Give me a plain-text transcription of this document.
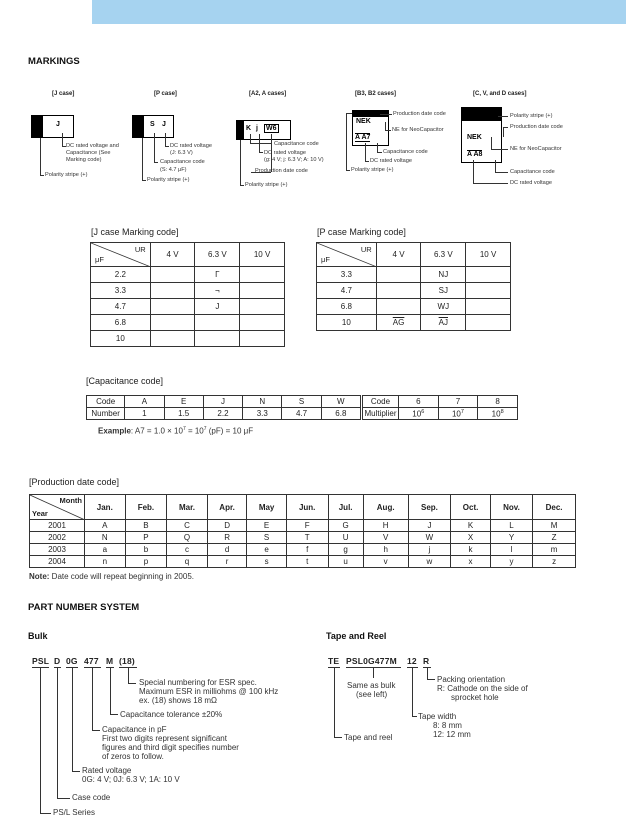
MARKINGS
[J case]	[P case]	[A2, A cases]	[B3, B2 cases]	[C, V, and D cases]
J
DC rated voltage and
Capacitance (See
Marking code)
Polarity stripe (+)
S J
DC rated voltage
(J: 6.3 V)
Capacitance code
(S: 4.7 μF)
Polarity stripe (+)
K j W6
Capacitance code
DC rated voltage
(g: 4 V; j: 6.3 V; A: 10 V)
Production date code
Polarity stripe (+)
NEK
A A7
Production date code
NE for NeoCapacitor
Capacitance code
DC rated voltage
Polarity stripe (+)
NEK
A A8
Polarity stripe (+)
Production date code
NE for NeoCapacitor
Capacitance code
DC rated voltage
[J case Marking code]
UR
μF	4 V	6.3 V	10 V
2.2		Γ	
3.3		¬	
4.7		J	
6.8			
10			
[P case Marking code]
UR
μF	4 V	6.3 V	10 V
3.3		NJ	
4.7		SJ	
6.8		WJ	
10	$\overline{AG}$	$\overline{AJ}$	
[Capacitance code]
Code	A	E	J	N	S	W
Number	1	1.5	2.2	3.3	4.7	6.8
Code	6	7	8
Multiplier	$10^6$	$10^7$	$10^8$
Example: $A7 = 1.0 \times 10^7 = 10^7$ (pF) = 10 μF
[Production date code]
Month
Year	Jan.	Feb.	Mar.	Apr.	May	Jun.	Jul.	Aug.	Sep.	Oct.	Nov.	Dec.
2001	A	B	C	D	E	F	G	H	J	K	L	M
2002	N	P	Q	R	S	T	U	V	W	X	Y	Z
2003	a	b	c	d	e	f	g	h	j	k	l	m
2004	n	p	q	r	s	t	u	v	w	x	y	z
Note: Date code will repeat beginning in 2005.
PART NUMBER SYSTEM
Bulk	Tape and Reel
PSL D 0G 477 M (18)
Special numbering for ESR spec.
Maximum ESR in milliohms @ 100 kHz
ex. (18) shows 18 mΩ
Capacitance tolerance ±20%
Capacitance in pF
First two digits represent significant
figures and third digit specifies number
of zeros to follow.
Rated voltage
0G: 4 V; 0J: 6.3 V; 1A: 10 V
Case code
PS/L Series
TE PSL0G477M 12 R
Packing orientation
R: Cathode on the side of
sprocket hole
Same as bulk
(see left)
Tape width
8: 8 mm
12: 12 mm
Tape and reel
